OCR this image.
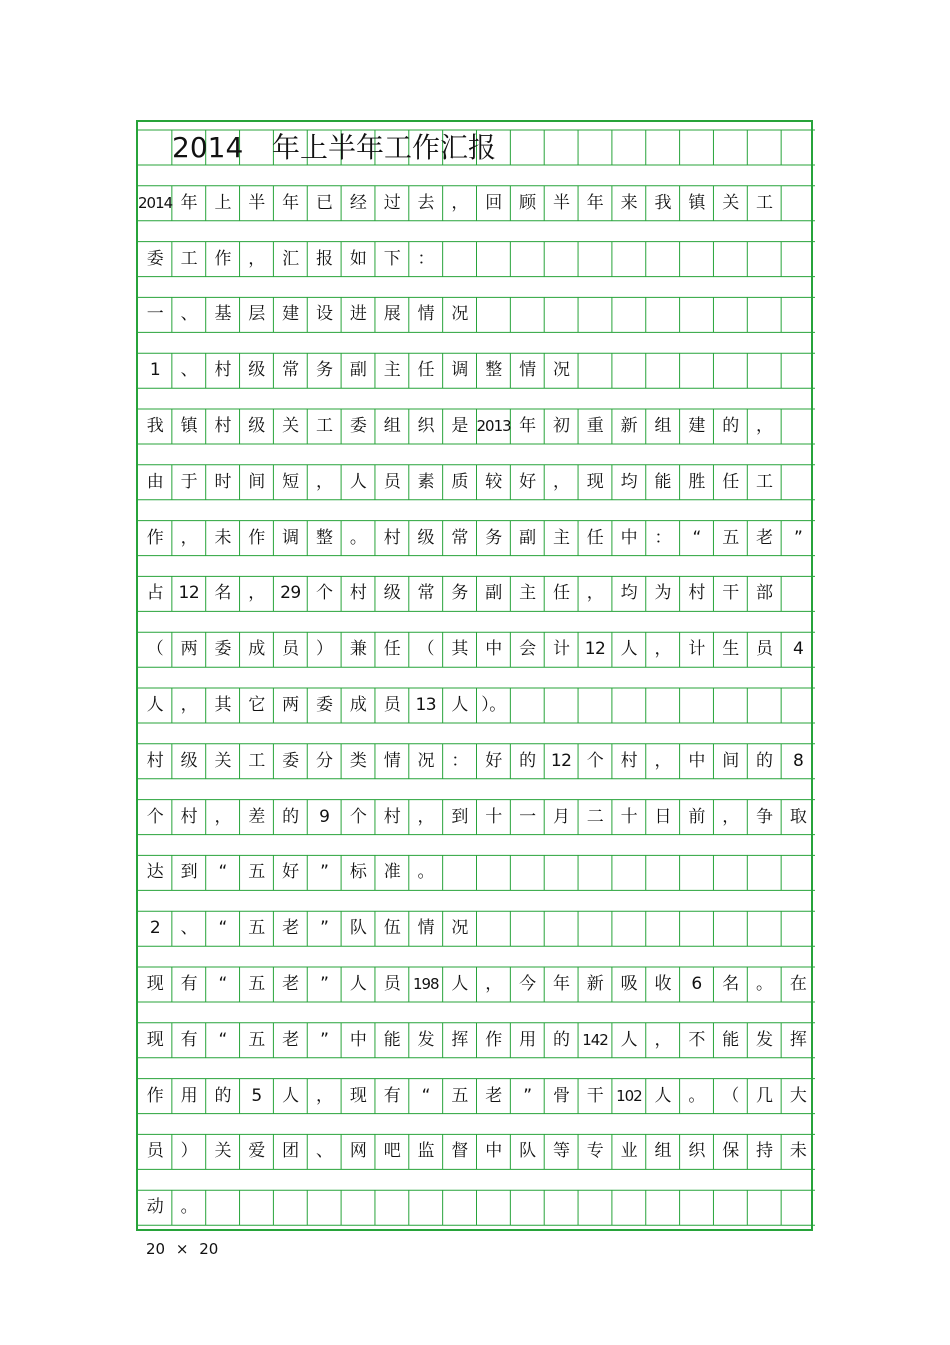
2014 年上半年工作汇报
2014 年	上	半	年	已	经	过	去	，	回	顾	半	年	来	我	镇	关	工
委	工	作	，	汇	报	如	下	：
一	、	基	层	建	设	进	展	情	况
1	、	村	级	常	务	副	主	任	调	整	情	况
我	镇	村	级	关	工	委	组	织	是 2013 年	初	重	新	组	建	的	，
由	于	时	间	短	，	人	员	素	质	较	好	，	现	均	能	胜	任	工
作	，	未	作	调	整	。	村	级	常	务	副	主	任	中	：	“	五	老	”
占 12 名	， 29 个	村	级	常	务	副	主	任	，	均	为	村	干	部
（	两	委	成	员	）	兼	任	（	其	中	会	计 12 人	，	计	生	员	4
人	，	其	它	两	委	成	员 13 人 ）。
村	级	关	工	委	分	类	情	况	：	好	的 12 个	村	，	中	间	的	8
个	村	，	差	的	9	个	村	，	到	十	一	月	二	十	日	前	，	争	取
达	到	“	五	好	”	标	准	。
2	、	“	五	老	”	队	伍	情	况
现	有	“	五	老	”	人	员 198 人	，	今	年	新	吸	收	6	名	。	在
现	有	“	五	老	”	中	能	发	挥	作	用	的 142 人	，	不	能	发	挥
作	用	的	5	人	，	现	有	“	五	老	”	骨	干 102 人	。	（	几	大
员	）	关	爱	团	、	网	吧	监	督	中	队	等	专	业	组	织	保	持	未
动	。
20 × 20
